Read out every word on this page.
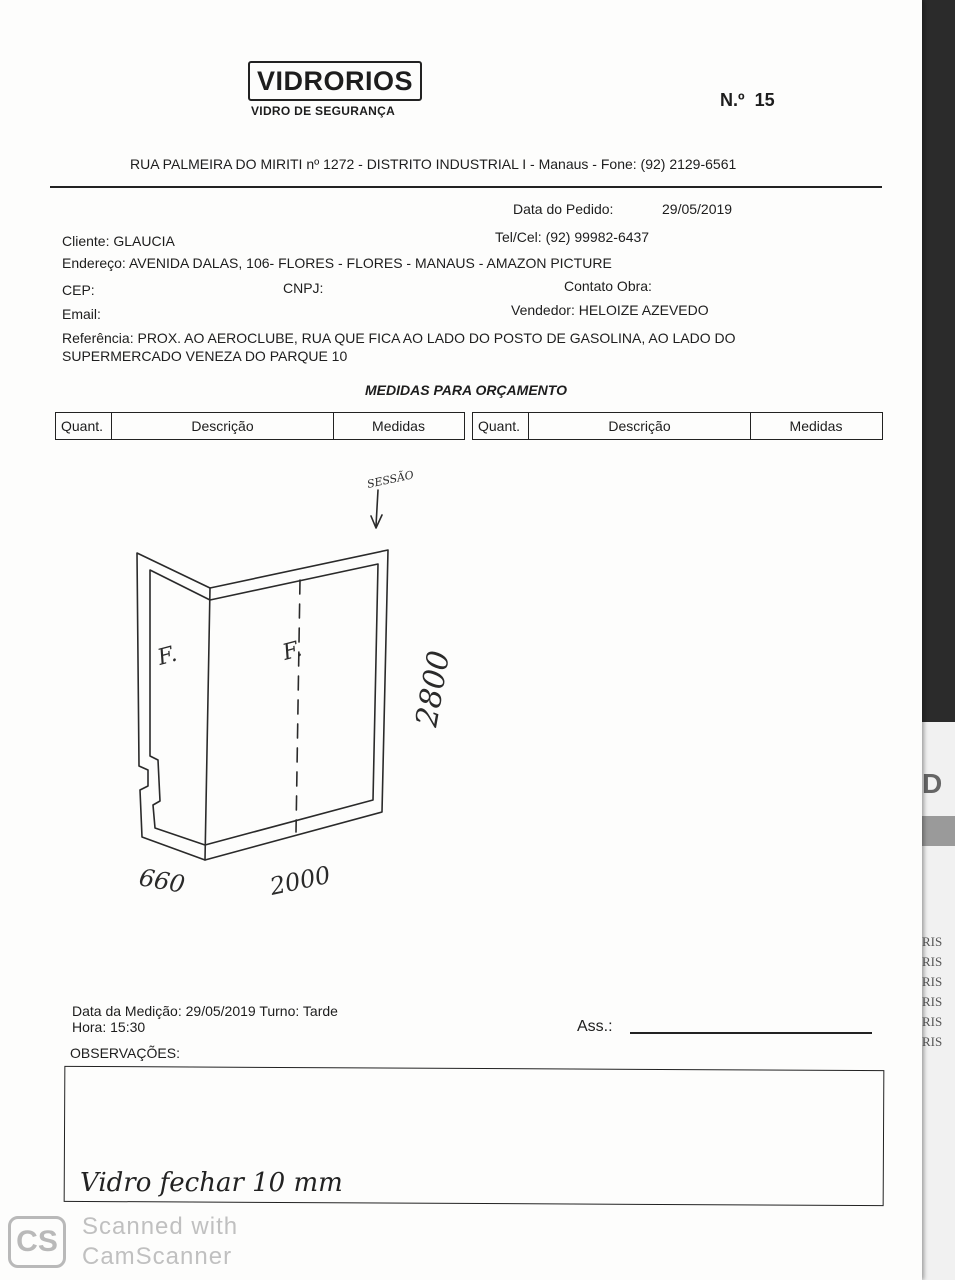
D
RIS
RIS
RIS
RIS
RIS
RIS
VIDRORIOS
VIDRO DE SEGURANÇA
N.º 15
RUA PALMEIRA DO MIRITI nº 1272 - DISTRITO INDUSTRIAL I - Manaus - Fone: (92) 2129-6561
Data do Pedido:	29/05/2019
Cliente: GLAUCIA	Tel/Cel: (92) 99982-6437
Endereço: AVENIDA DALAS, 106- FLORES - FLORES - MANAUS - AMAZON PICTURE
CEP:	CNPJ:	Contato Obra:
Email:	Vendedor: HELOIZE AZEVEDO
Referência: PROX. AO AEROCLUBE, RUA QUE FICA AO LADO DO POSTO DE GASOLINA, AO LADO DO
SUPERMERCADO VENEZA DO PARQUE 10
MEDIDAS PARA ORÇAMENTO
Quant.	Descrição	Medidas	Quant.	Descrição	Medidas
F.	F.	2800
660	2000
SESSÃO
Data da Medição: 29/05/2019 Turno: Tarde
Hora: 15:30	Ass.:
OBSERVAÇÕES:
Vidro fechar 10 mm
CS	Scanned with
CamScanner
